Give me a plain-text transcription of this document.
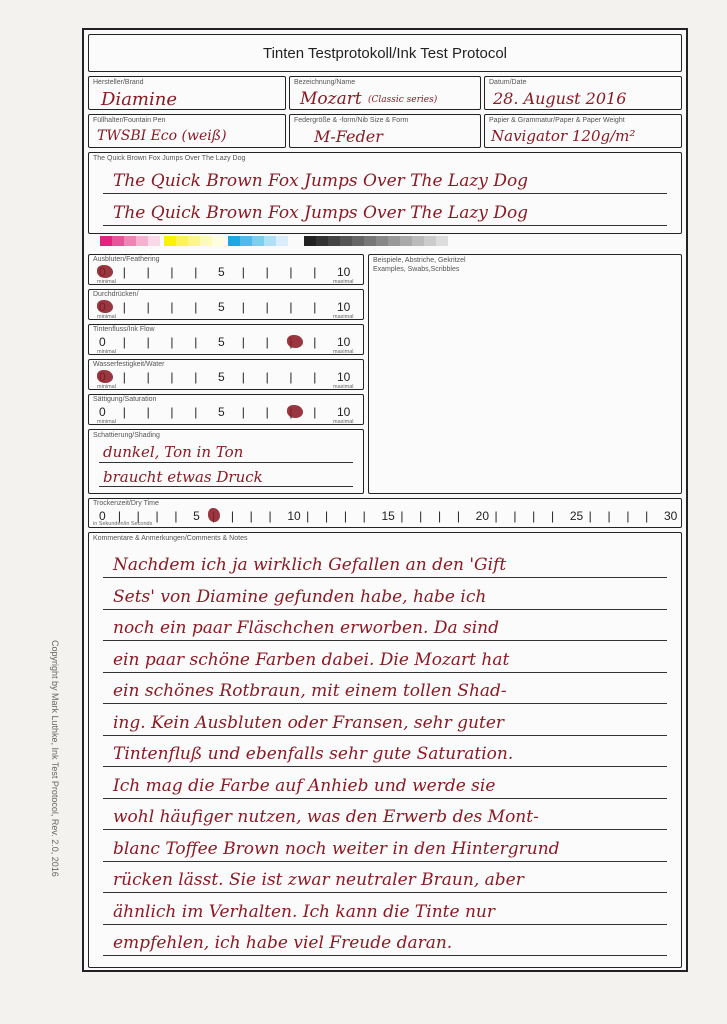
Copyright by Mark Luthke, Ink Test Protocol, Rev. 2.0, 2016
Tinten Testprotokoll/Ink Test Protocol
Hersteller/Brand
Diamine
Bezeichnung/Name
Mozart (Classic series)
Datum/Date
28. August 2016
Füllhalter/Fountain Pen
TWSBI Eco (weiß)
Federgröße & -form/Nib Size & Form
M-Feder
Papier & Grammatur/Paper & Paper Weight
Navigator 120g/m²
The Quick Brown Fox Jumps Over The Lazy Dog
The Quick Brown Fox Jumps Over The Lazy Dog
The Quick Brown Fox Jumps Over The Lazy Dog
Beispiele, Abstriche, Gekritzel
Examples, Swabs,Scribbles
Schattierung/Shading
dunkel, Ton in Ton
braucht etwas Druck
Trockenzeit/Dry Time
in Sekunden/in Seconds
0 | | | | 5	| | | 10 | | | | 15 | | | | 20 | | | | 25 | | | | 30
Kommentare & Anmerkungen/Comments & Notes
Nachdem ich ja wirklich Gefallen an den 'Gift
Sets' von Diamine gefunden habe, habe ich
noch ein paar Fläschchen erworben. Da sind
ein paar schöne Farben dabei. Die Mozart hat
ein schönes Rotbraun, mit einem tollen Shad-
ing. Kein Ausbluten oder Fransen, sehr guter
Tintenfluß und ebenfalls sehr gute Saturation.
Ich mag die Farbe auf Anhieb und werde sie
wohl häufiger nutzen, was den Erwerb des Mont-
blanc Toffee Brown noch weiter in den Hintergrund
rücken lässt. Sie ist zwar neutraler Braun, aber
ähnlich im Verhalten. Ich kann die Tinte nur
empfehlen, ich habe viel Freude daran.
Ausbluten/Feathering
| | | | 5 | | | | 10
minimal	maximal
Durchdrücken/
| | | | 5 | | | | 10
minimal	maximal
Tintenfluss/Ink Flow
0 | | | | 5 | |	| 10
minimal	maximal
Wasserfestigkeit/Water
| | | | 5 | | | | 10
minimal	maximal
Sättigung/Saturation
0 | | | | 5 | |	| 10
minimal	maximal
